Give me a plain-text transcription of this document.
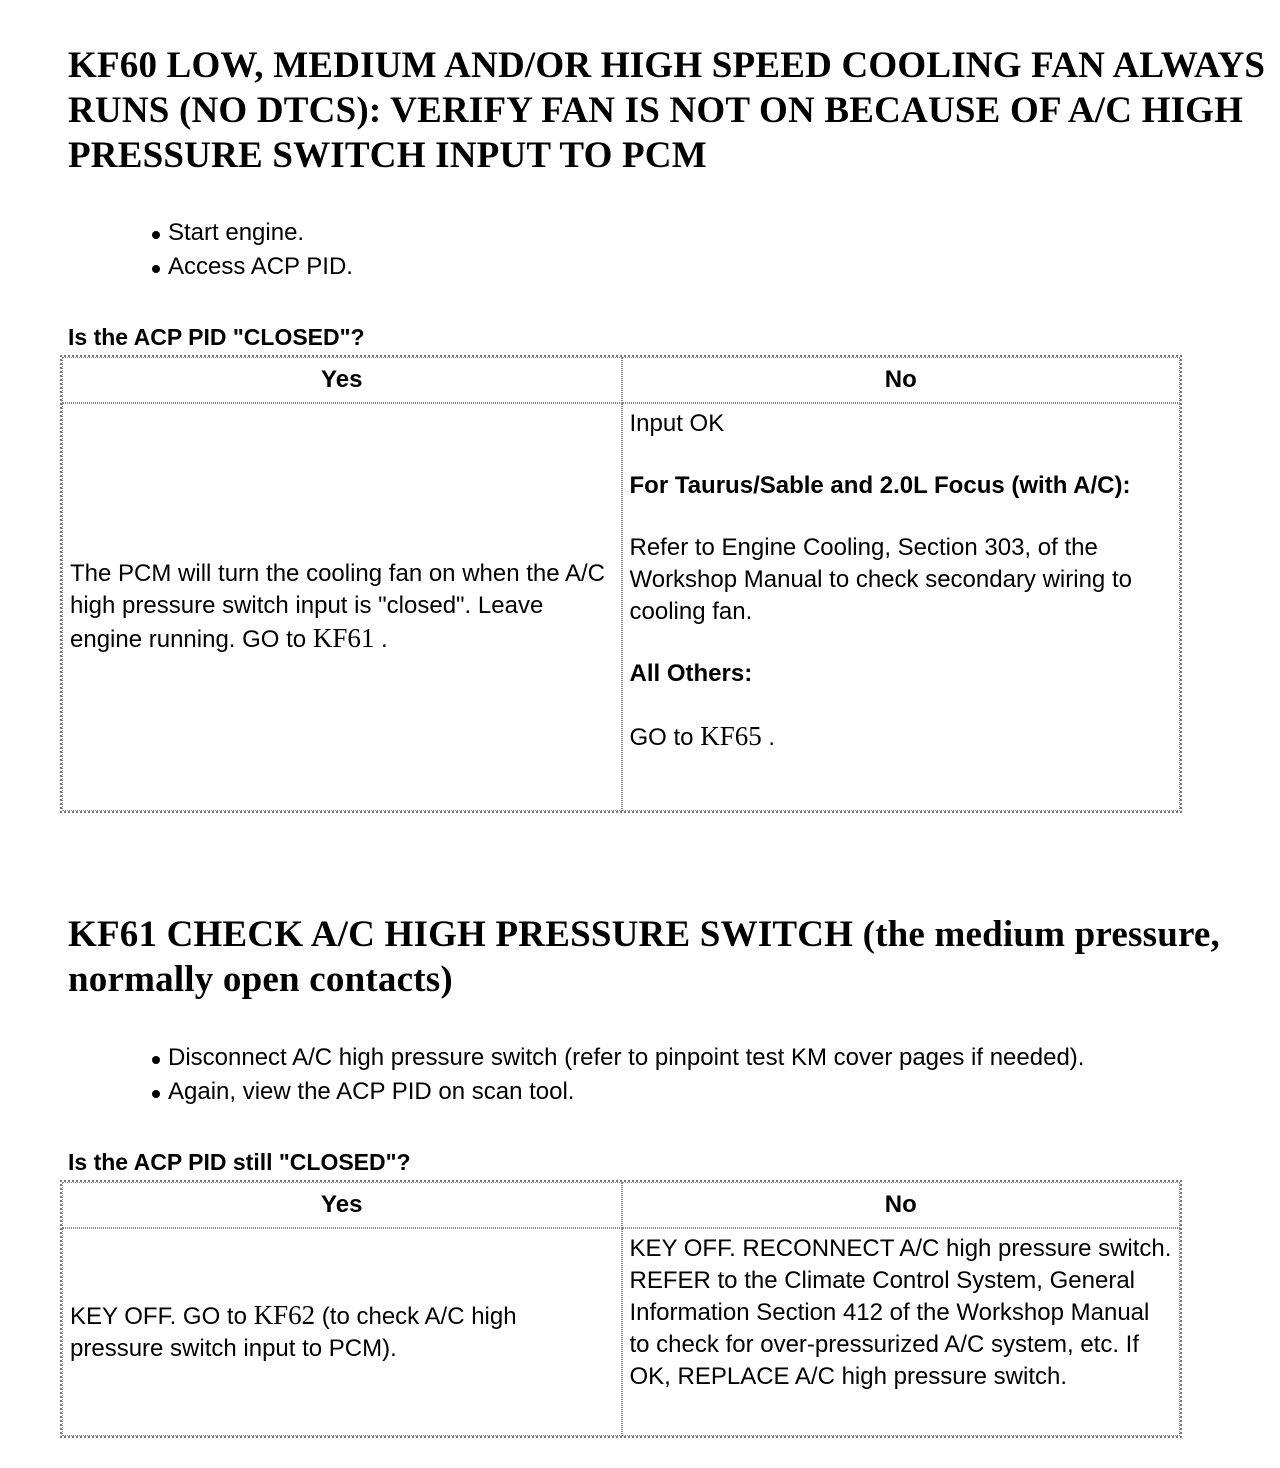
KF60 LOW, MEDIUM AND/OR HIGH SPEED COOLING FAN ALWAYS RUNS (NO DTCS): VERIFY FAN IS NOT ON BECAUSE OF A/C HIGH PRESSURE SWITCH INPUT TO PCM
Start engine.
Access ACP PID.

Is the ACP PID "CLOSED"?

Yes	No
The PCM will turn the cooling fan on when the A/C high pressure switch input is "closed". Leave engine running. GO to KF61 .	Input OK

For Taurus/Sable and 2.0L Focus (with A/C):

Refer to Engine Cooling, Section 303, of the Workshop Manual to check secondary wiring to cooling fan.

All Others:

GO to KF65 .

KF61 CHECK A/C HIGH PRESSURE SWITCH (the medium pressure, normally open contacts)
Disconnect A/C high pressure switch (refer to pinpoint test KM cover pages if needed).
Again, view the ACP PID on scan tool.

Is the ACP PID still "CLOSED"?

Yes	No
KEY OFF. GO to KF62 (to check A/C high pressure switch input to PCM).	KEY OFF. RECONNECT A/C high pressure switch. REFER to the Climate Control System, General Information Section 412 of the Workshop Manual to check for over-pressurized A/C system, etc. If OK, REPLACE A/C high pressure switch.
